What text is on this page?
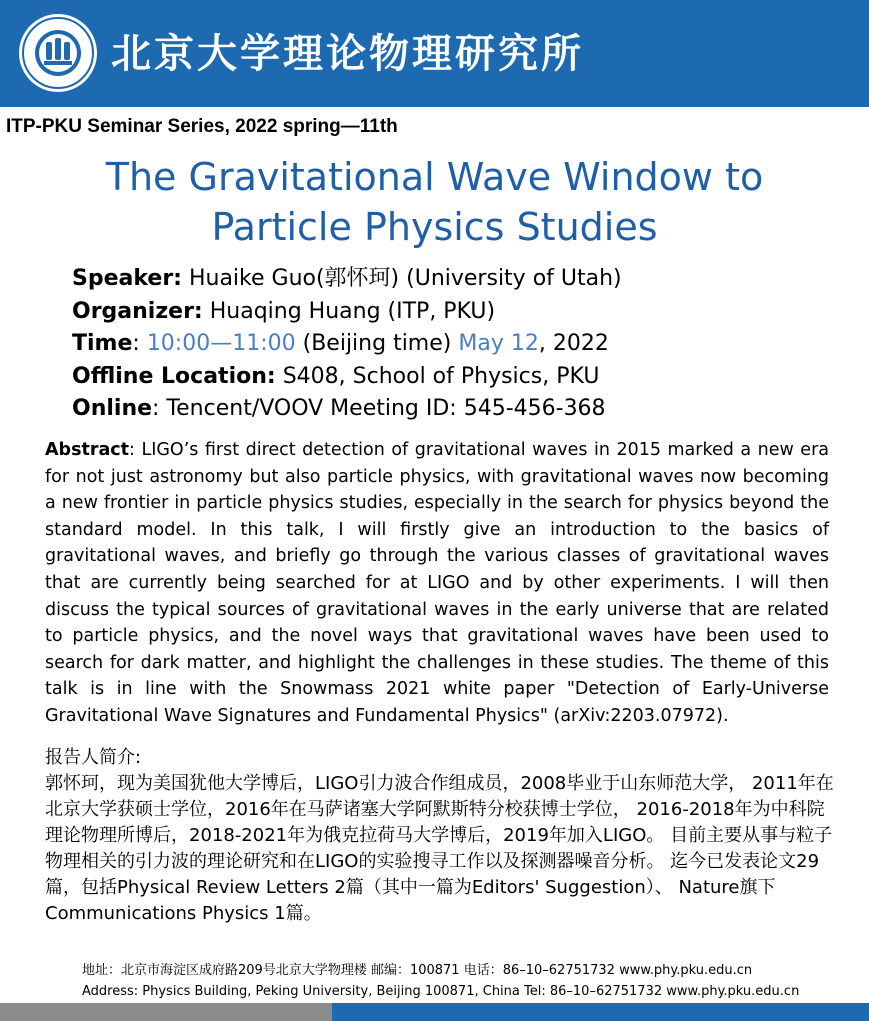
北京大学理论物理研究所
ITP-PKU Seminar Series, 2022 spring—11th
The Gravitational Wave Window to
Particle Physics Studies
Speaker: Huaike Guo(郭怀珂) (University of Utah)
Organizer: Huaqing Huang (ITP, PKU)
Time: 10:00—11:00 (Beijing time) May 12, 2022
Offline Location: S408, School of Physics, PKU
Online: Tencent/VOOV Meeting ID: 545-456-368
Abstract: LIGO’s first direct detection of gravitational waves in 2015 marked a new era for not just astronomy but also particle physics, with gravitational waves now becoming a new frontier in particle physics studies, especially in the search for physics beyond the standard model. In this talk, I will firstly give an introduction to the basics of gravitational waves, and briefly go through the various classes of gravitational waves that are currently being searched for at LIGO and by other experiments. I will then discuss the typical sources of gravitational waves in the early universe that are related to particle physics, and the novel ways that gravitational waves have been used to search for dark matter, and highlight the challenges in these studies. The theme of this talk is in line with the Snowmass 2021 white paper "Detection of Early-Universe Gravitational Wave Signatures and Fundamental Physics" (arXiv:2203.07972).
报告人简介:
郭怀珂，现为美国犹他大学博后，LIGO引力波合作组成员，2008毕业于山东师范大学， 2011年在北京大学获硕士学位，2016年在马萨诸塞大学阿默斯特分校获博士学位， 2016-2018年为中科院理论物理所博后，2018-2021年为俄克拉荷马大学博后，2019年加入LIGO。 目前主要从事与粒子物理相关的引力波的理论研究和在LIGO的实验搜寻工作以及探测器噪音分析。 迄今已发表论文29篇，包括Physical Review Letters 2篇（其中一篇为Editors' Suggestion）、 Nature旗下Communications Physics 1篇。
地址：北京市海淀区成府路209号北京大学物理楼 邮编：100871 电话：86–10–62751732 www.phy.pku.edu.cn
Address: Physics Building, Peking University, Beijing 100871, China Tel: 86–10–62751732 www.phy.pku.edu.cn
